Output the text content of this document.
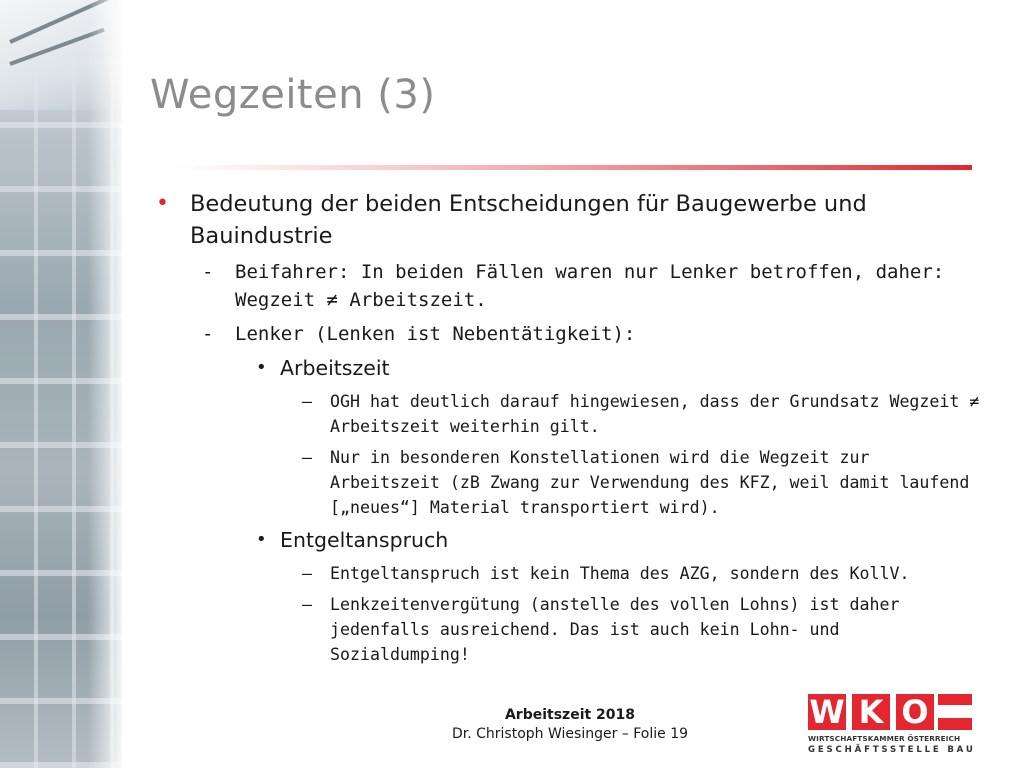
Wegzeiten (3)

• Bedeutung der beiden Entscheidungen für Baugewerbe und Bauindustrie

- Beifahrer: In beiden Fällen waren nur Lenker betroffen, daher: Wegzeit ≠ Arbeitszeit.

- Lenker (Lenken ist Nebentätigkeit):

• Arbeitszeit

– OGH hat deutlich darauf hingewiesen, dass der Grundsatz Wegzeit ≠ Arbeitszeit weiterhin gilt.

– Nur in besonderen Konstellationen wird die Wegzeit zur Arbeitszeit (zB Zwang zur Verwendung des KFZ, weil damit laufend [„neues“] Material transportiert wird).

• Entgeltanspruch

– Entgeltanspruch ist kein Thema des AZG, sondern des KollV.

– Lenkzeitenvergütung (anstelle des vollen Lohns) ist daher jedenfalls ausreichend. Das ist auch kein Lohn- und Sozialdumping!

Arbeitszeit 2018
Dr. Christoph Wiesinger – Folie 19
W K O
WIRTSCHAFTSKAMMER ÖSTERREICH
GESCHÄFTSSTELLE BAU
